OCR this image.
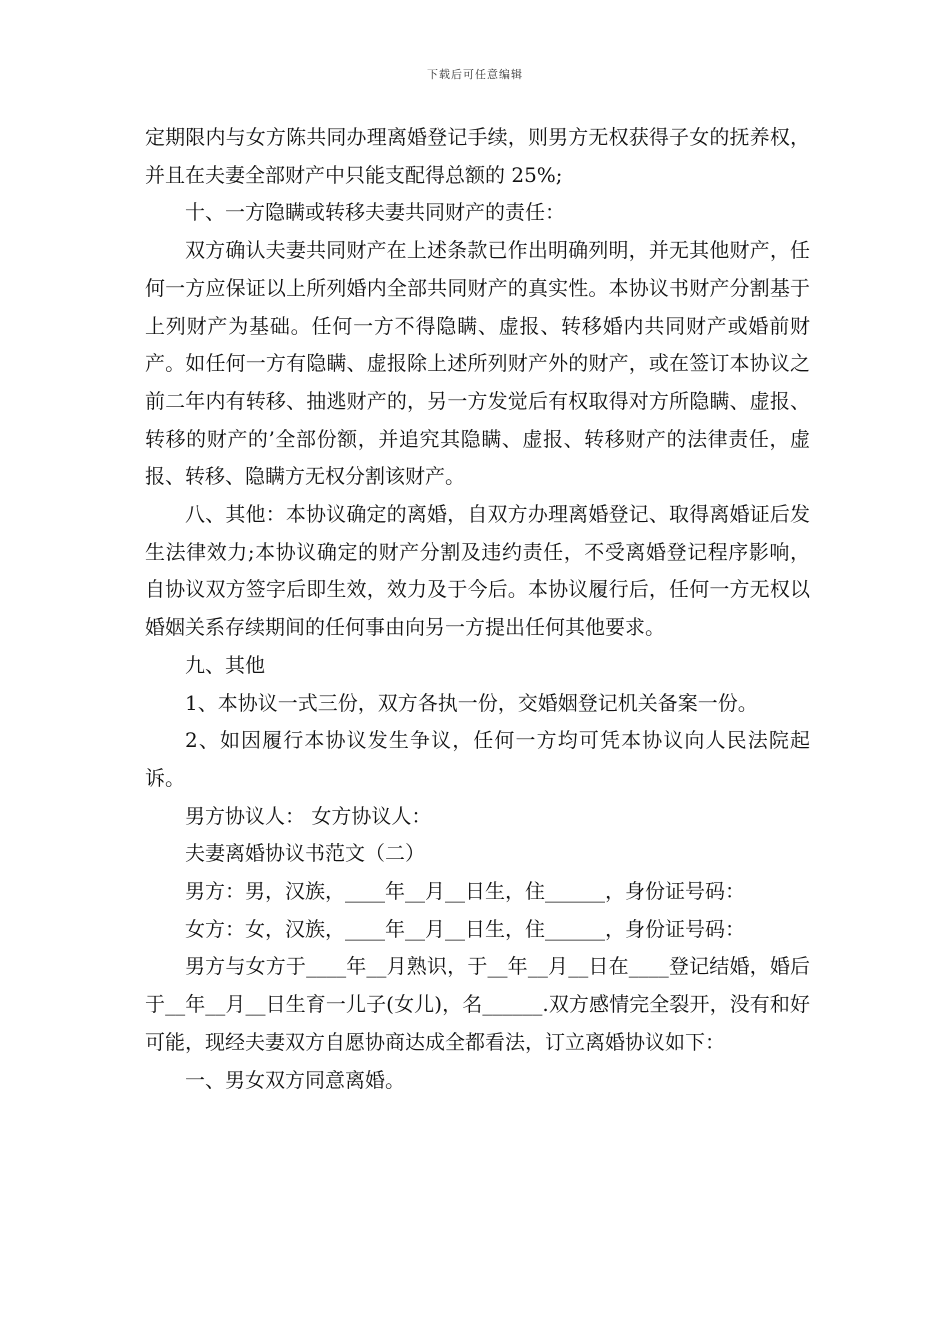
下载后可任意编辑

定期限内与女方陈共同办理离婚登记手续，则男方无权获得子女的抚养权，并且在夫妻全部财产中只能支配得总额的 25%;

十、一方隐瞒或转移夫妻共同财产的责任：

双方确认夫妻共同财产在上述条款已作出明确列明，并无其他财产，任何一方应保证以上所列婚内全部共同财产的真实性。本协议书财产分割基于上列财产为基础。任何一方不得隐瞒、虚报、转移婚内共同财产或婚前财产。如任何一方有隐瞒、虚报除上述所列财产外的财产，或在签订本协议之前二年内有转移、抽逃财产的，另一方发觉后有权取得对方所隐瞒、虚报、转移的财产的’全部份额，并追究其隐瞒、虚报、转移财产的法律责任，虚报、转移、隐瞒方无权分割该财产。

八、其他：本协议确定的离婚，自双方办理离婚登记、取得离婚证后发生法律效力;本协议确定的财产分割及违约责任，不受离婚登记程序影响，自协议双方签字后即生效，效力及于今后。本协议履行后，任何一方无权以婚姻关系存续期间的任何事由向另一方提出任何其他要求。

九、其他

1、本协议一式三份，双方各执一份，交婚姻登记机关备案一份。

2、如因履行本协议发生争议，任何一方均可凭本协议向人民法院起诉。

男方协议人： 女方协议人：

夫妻离婚协议书范文（二）

男方：男，汉族，____年__月__日生，住______，身份证号码：

女方：女，汉族，____年__月__日生，住______，身份证号码：

男方与女方于____年__月熟识，于__年__月__日在____登记结婚，婚后于__年__月__日生育一儿子(女儿)，名______.双方感情完全裂开，没有和好可能，现经夫妻双方自愿协商达成全都看法，订立离婚协议如下：

一、男女双方同意离婚。
